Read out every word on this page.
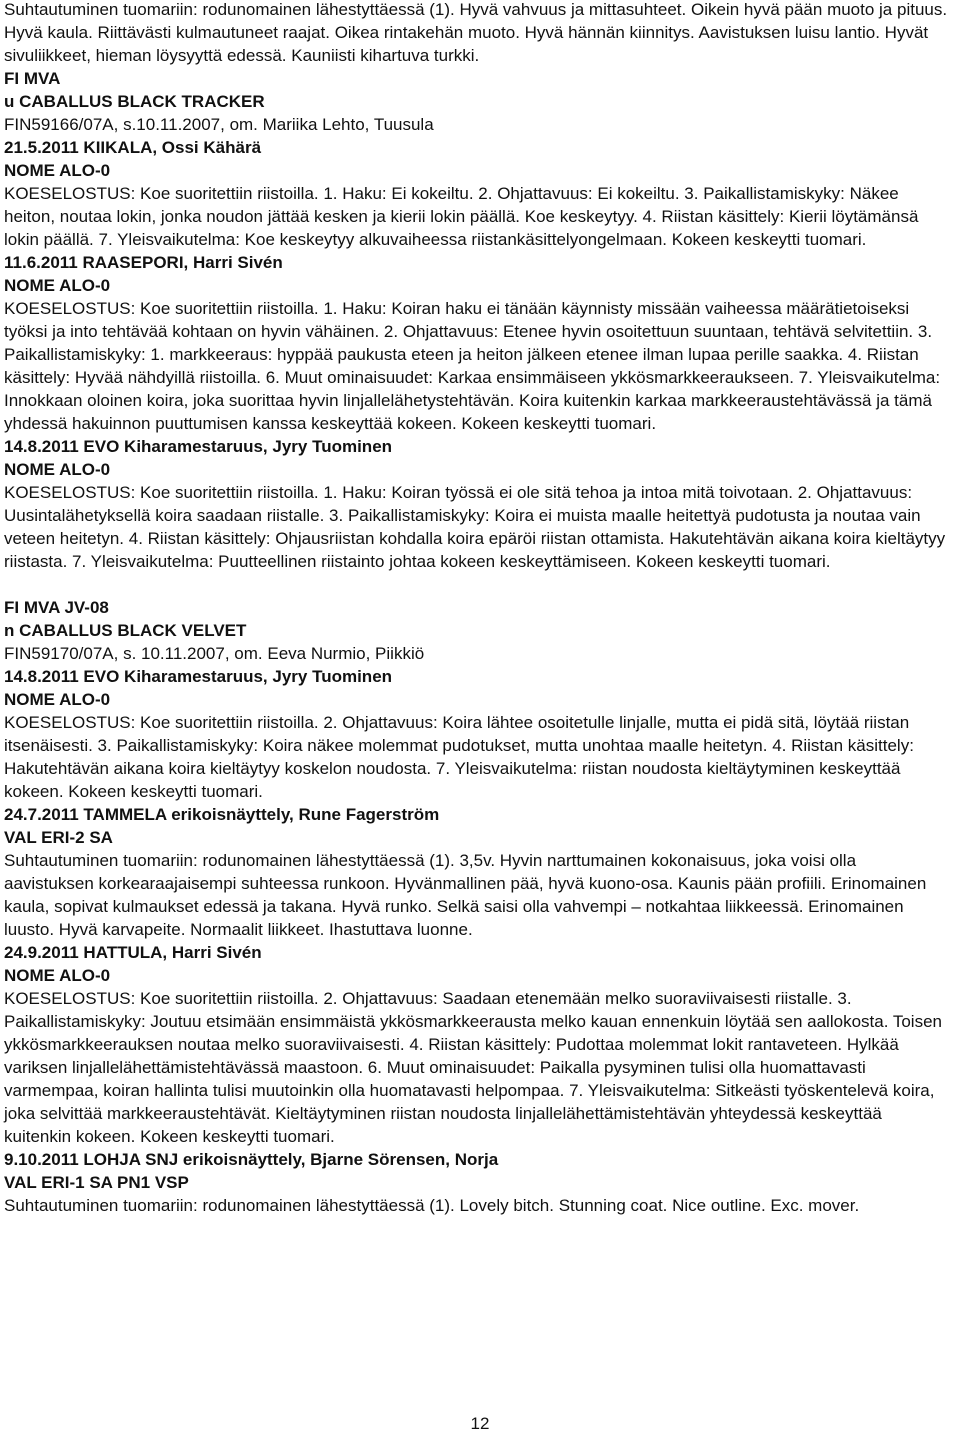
Suhtautuminen tuomariin: rodunomainen lähestyttäessä (1). Hyvä vahvuus ja mittasuhteet. Oikein hyvä pään muoto ja pituus. Hyvä kaula. Riittävästi kulmautuneet raajat. Oikea rintakehän muoto. Hyvä hännän kiinnitys. Aavistuksen luisu lantio. Hyvät sivuliikkeet, hieman löysyyttä edessä. Kauniisti kihartuva turkki.

FI MVA

u CABALLUS BLACK TRACKER

FIN59166/07A, s.10.11.2007, om. Mariika Lehto, Tuusula

21.5.2011 KIIKALA, Ossi Kähärä

NOME ALO-0

KOESELOSTUS: Koe suoritettiin riistoilla. 1. Haku: Ei kokeiltu. 2. Ohjattavuus: Ei kokeiltu. 3. Paikallistamiskyky: Näkee heiton, noutaa lokin, jonka noudon jättää kesken ja kierii lokin päällä. Koe keskeytyy. 4. Riistan käsittely: Kierii löytämänsä lokin päällä. 7. Yleisvaikutelma: Koe keskeytyy alkuvaiheessa riistankäsittelyongelmaan. Kokeen keskeytti tuomari.

11.6.2011 RAASEPORI, Harri Sivén

NOME ALO-0

KOESELOSTUS: Koe suoritettiin riistoilla. 1. Haku: Koiran haku ei tänään käynnisty missään vaiheessa määrätietoiseksi työksi ja into tehtävää kohtaan on hyvin vähäinen. 2. Ohjattavuus: Etenee hyvin osoitettuun suuntaan, tehtävä selvitettiin. 3. Paikallistamiskyky: 1. markkeeraus: hyppää paukusta eteen ja heiton jälkeen etenee ilman lupaa perille saakka. 4. Riistan käsittely: Hyvää nähdyillä riistoilla. 6. Muut ominaisuudet: Karkaa ensimmäiseen ykkösmarkkeeraukseen. 7. Yleisvaikutelma: Innokkaan oloinen koira, joka suorittaa hyvin linjallelähetystehtävän. Koira kuitenkin karkaa markkeeraustehtävässä ja tämä yhdessä hakuinnon puuttumisen kanssa keskeyttää kokeen. Kokeen keskeytti tuomari.

14.8.2011 EVO Kiharamestaruus, Jyry Tuominen

NOME ALO-0

KOESELOSTUS: Koe suoritettiin riistoilla. 1. Haku: Koiran työssä ei ole sitä tehoa ja intoa mitä toivotaan. 2. Ohjattavuus: Uusintalähetyksellä koira saadaan riistalle. 3. Paikallistamiskyky: Koira ei muista maalle heitettyä pudotusta ja noutaa vain veteen heitetyn. 4. Riistan käsittely: Ohjausriistan kohdalla koira epäröi riistan ottamista. Hakutehtävän aikana koira kieltäytyy riistasta. 7. Yleisvaikutelma: Puutteellinen riistainto johtaa kokeen keskeyttämiseen. Kokeen keskeytti tuomari.

FI MVA JV-08

n CABALLUS BLACK VELVET

FIN59170/07A, s. 10.11.2007, om. Eeva Nurmio, Piikkiö

14.8.2011 EVO Kiharamestaruus, Jyry Tuominen

NOME ALO-0

KOESELOSTUS: Koe suoritettiin riistoilla. 2. Ohjattavuus: Koira lähtee osoitetulle linjalle, mutta ei pidä sitä, löytää riistan itsenäisesti. 3. Paikallistamiskyky: Koira näkee molemmat pudotukset, mutta unohtaa maalle heitetyn. 4. Riistan käsittely: Hakutehtävän aikana koira kieltäytyy koskelon noudosta. 7. Yleisvaikutelma: riistan noudosta kieltäytyminen keskeyttää kokeen. Kokeen keskeytti tuomari.

24.7.2011 TAMMELA erikoisnäyttely, Rune Fagerström

VAL ERI-2 SA

Suhtautuminen tuomariin: rodunomainen lähestyttäessä (1). 3,5v. Hyvin narttumainen kokonaisuus, joka voisi olla aavistuksen korkearaajaisempi suhteessa runkoon. Hyvänmallinen pää, hyvä kuono-osa. Kaunis pään profiili. Erinomainen kaula, sopivat kulmaukset edessä ja takana. Hyvä runko. Selkä saisi olla vahvempi – notkahtaa liikkeessä. Erinomainen luusto. Hyvä karvapeite. Normaalit liikkeet. Ihastuttava luonne.

24.9.2011 HATTULA, Harri Sivén

NOME ALO-0

KOESELOSTUS: Koe suoritettiin riistoilla. 2. Ohjattavuus: Saadaan etenemään melko suoraviivaisesti riistalle. 3. Paikallistamiskyky: Joutuu etsimään ensimmäistä ykkösmarkkeerausta melko kauan ennenkuin löytää sen aallokosta. Toisen ykkösmarkkeerauksen noutaa melko suoraviivaisesti. 4. Riistan käsittely: Pudottaa molemmat lokit rantaveteen. Hylkää variksen linjallelähettämistehtävässä maastoon. 6. Muut ominaisuudet: Paikalla pysyminen tulisi olla huomattavasti varmempaa, koiran hallinta tulisi muutoinkin olla huomatavasti helpompaa. 7. Yleisvaikutelma: Sitkeästi työskentelevä koira, joka selvittää markkeeraustehtävät. Kieltäytyminen riistan noudosta linjallelähettämistehtävän yhteydessä keskeyttää kuitenkin kokeen. Kokeen keskeytti tuomari.

9.10.2011 LOHJA SNJ erikoisnäyttely, Bjarne Sörensen, Norja

VAL ERI-1 SA PN1 VSP

Suhtautuminen tuomariin: rodunomainen lähestyttäessä (1). Lovely bitch. Stunning coat. Nice outline. Exc. mover.

12
